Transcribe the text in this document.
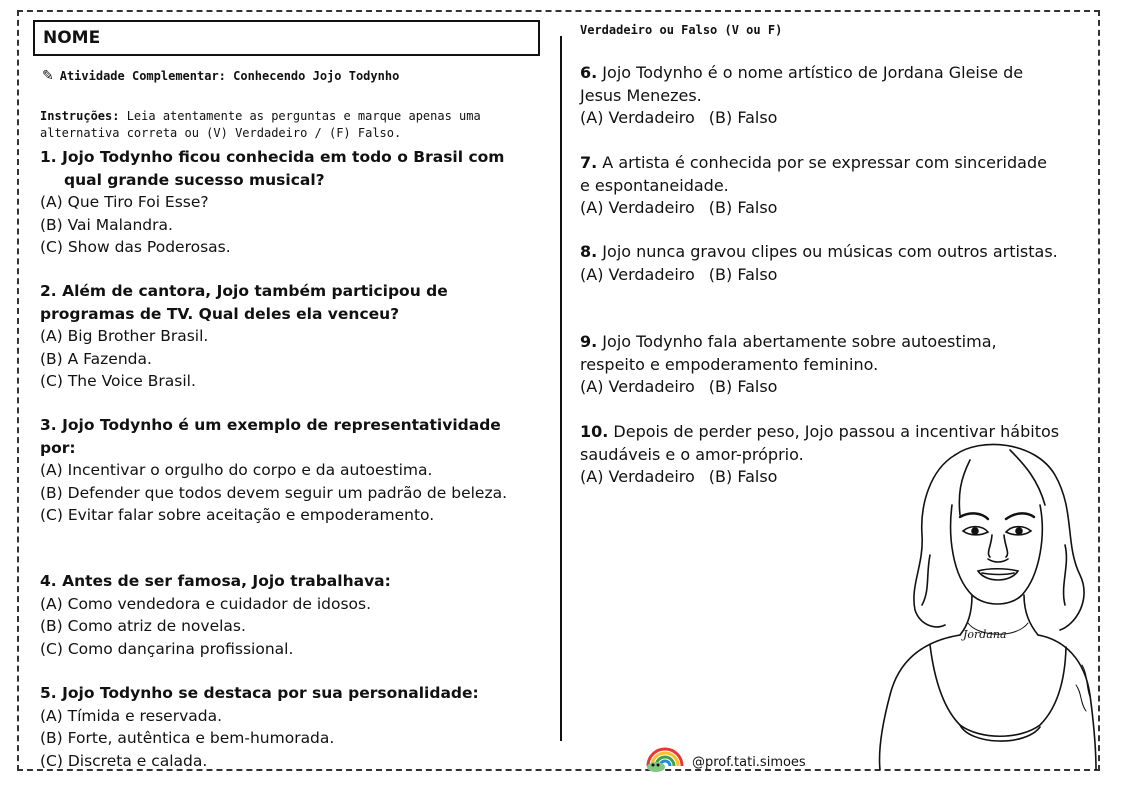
NOME
✎ Atividade Complementar: Conhecendo Jojo Todynho
Instruções: Leia atentamente as perguntas e marque apenas uma alternativa correta ou (V) Verdadeiro / (F) Falso.
1. Jojo Todynho ficou conhecida em todo o Brasil com
qual grande sucesso musical?
(A) Que Tiro Foi Esse?
(B) Vai Malandra.
(C) Show das Poderosas.
2. Além de cantora, Jojo também participou de
programas de TV. Qual deles ela venceu?
(A) Big Brother Brasil.
(B) A Fazenda.
(C) The Voice Brasil.
3. Jojo Todynho é um exemplo de representatividade
por:
(A) Incentivar o orgulho do corpo e da autoestima.
(B) Defender que todos devem seguir um padrão de beleza.
(C) Evitar falar sobre aceitação e empoderamento.
4. Antes de ser famosa, Jojo trabalhava:
(A) Como vendedora e cuidador de idosos.
(B) Como atriz de novelas.
(C) Como dançarina profissional.
5. Jojo Todynho se destaca por sua personalidade:
(A) Tímida e reservada.
(B) Forte, autêntica e bem-humorada.
(C) Discreta e calada.
Verdadeiro ou Falso (V ou F)
6. Jojo Todynho é o nome artístico de Jordana Gleise de Jesus Menezes.
(A) Verdadeiro (B) Falso
7. A artista é conhecida por se expressar com sinceridade e espontaneidade.
(A) Verdadeiro (B) Falso
8. Jojo nunca gravou clipes ou músicas com outros artistas.
(A) Verdadeiro (B) Falso
9. Jojo Todynho fala abertamente sobre autoestima, respeito e empoderamento feminino.
(A) Verdadeiro (B) Falso
10. Depois de perder peso, Jojo passou a incentivar hábitos saudáveis e o amor-próprio.
(A) Verdadeiro (B) Falso
Jordana
@prof.tati.simoes
